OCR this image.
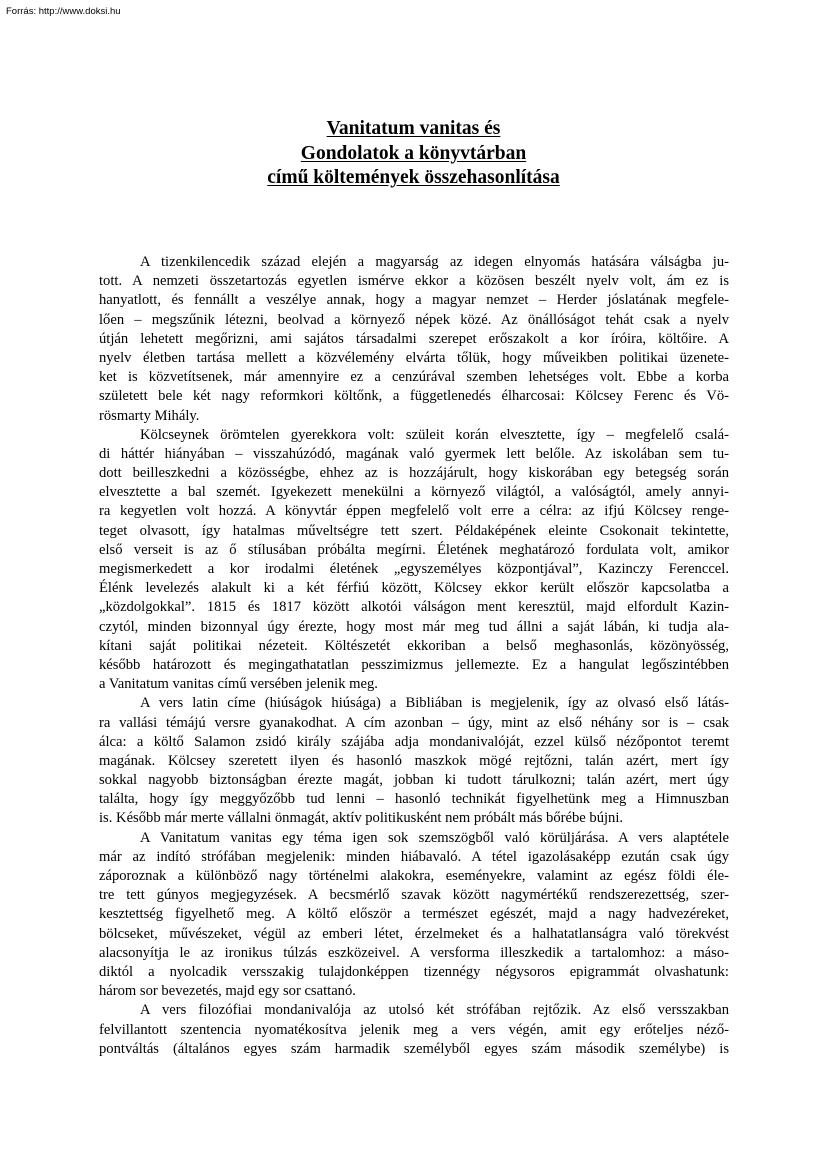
Forrás: http://www.doksi.hu
Vanitatum vanitas és
Gondolatok a könyvtárban
című költemények összehasonlítása
A tizenkilencedik század elején a magyarság az idegen elnyomás hatására válságba ju-
tott. A nemzeti összetartozás egyetlen ismérve ekkor a közösen beszélt nyelv volt, ám ez is
hanyatlott, és fennállt a veszélye annak, hogy a magyar nemzet – Herder jóslatának megfele-
lően – megszűnik létezni, beolvad a környező népek közé. Az önállóságot tehát csak a nyelv
útján lehetett megőrizni, ami sajátos társadalmi szerepet erőszakolt a kor íróira, költőire. A
nyelv életben tartása mellett a közvélemény elvárta tőlük, hogy műveikben politikai üzenete-
ket is közvetítsenek, már amennyire ez a cenzúrával szemben lehetséges volt. Ebbe a korba
született bele két nagy reformkori költőnk, a függetlenedés élharcosai: Kölcsey Ferenc és Vö-
rösmarty Mihály.
Kölcseynek örömtelen gyerekkora volt: szüleit korán elvesztette, így – megfelelő csalá-
di háttér hiányában – visszahúzódó, magának való gyermek lett belőle. Az iskolában sem tu-
dott beilleszkedni a közösségbe, ehhez az is hozzájárult, hogy kiskorában egy betegség során
elvesztette a bal szemét. Igyekezett menekülni a környező világtól, a valóságtól, amely annyi-
ra kegyetlen volt hozzá. A könyvtár éppen megfelelő volt erre a célra: az ifjú Kölcsey renge-
teget olvasott, így hatalmas műveltségre tett szert. Példaképének eleinte Csokonait tekintette,
első verseit is az ő stílusában próbálta megírni. Életének meghatározó fordulata volt, amikor
megismerkedett a kor irodalmi életének „egyszemélyes központjával”, Kazinczy Ferenccel.
Élénk levelezés alakult ki a két férfiú között, Kölcsey ekkor került először kapcsolatba a
„közdolgokkal”. 1815 és 1817 között alkotói válságon ment keresztül, majd elfordult Kazin-
czytól, minden bizonnyal úgy érezte, hogy most már meg tud állni a saját lábán, ki tudja ala-
kítani saját politikai nézeteit. Költészetét ekkoriban a belső meghasonlás, közönyösség,
később határozott és megingathatatlan pesszimizmus jellemezte. Ez a hangulat legőszintébben
a Vanitatum vanitas című versében jelenik meg.
A vers latin címe (hiúságok hiúsága) a Bibliában is megjelenik, így az olvasó első látás-
ra vallási témájú versre gyanakodhat. A cím azonban – úgy, mint az első néhány sor is – csak
álca: a költő Salamon zsidó király szájába adja mondanivalóját, ezzel külső nézőpontot teremt
magának. Kölcsey szeretett ilyen és hasonló maszkok mögé rejtőzni, talán azért, mert így
sokkal nagyobb biztonságban érezte magát, jobban ki tudott tárulkozni; talán azért, mert úgy
találta, hogy így meggyőzőbb tud lenni – hasonló technikát figyelhetünk meg a Himnuszban
is. Később már merte vállalni önmagát, aktív politikusként nem próbált más bőrébe bújni.
A Vanitatum vanitas egy téma igen sok szemszögből való körüljárása. A vers alaptétele
már az indító strófában megjelenik: minden hiábavaló. A tétel igazolásaképp ezután csak úgy
záporoznak a különböző nagy történelmi alakokra, eseményekre, valamint az egész földi éle-
tre tett gúnyos megjegyzések. A becsmérlő szavak között nagymértékű rendszerezettség, szer-
kesztettség figyelhető meg. A költő először a természet egészét, majd a nagy hadvezéreket,
bölcseket, művészeket, végül az emberi létet, érzelmeket és a halhatatlanságra való törekvést
alacsonyítja le az ironikus túlzás eszközeivel. A versforma illeszkedik a tartalomhoz: a máso-
diktól a nyolcadik versszakig tulajdonképpen tizennégy négysoros epigrammát olvashatunk:
három sor bevezetés, majd egy sor csattanó.
A vers filozófiai mondanivalója az utolsó két strófában rejtőzik. Az első versszakban
felvillantott szentencia nyomatékosítva jelenik meg a vers végén, amit egy erőteljes néző-
pontváltás (általános egyes szám harmadik személyből egyes szám második személybe) is
